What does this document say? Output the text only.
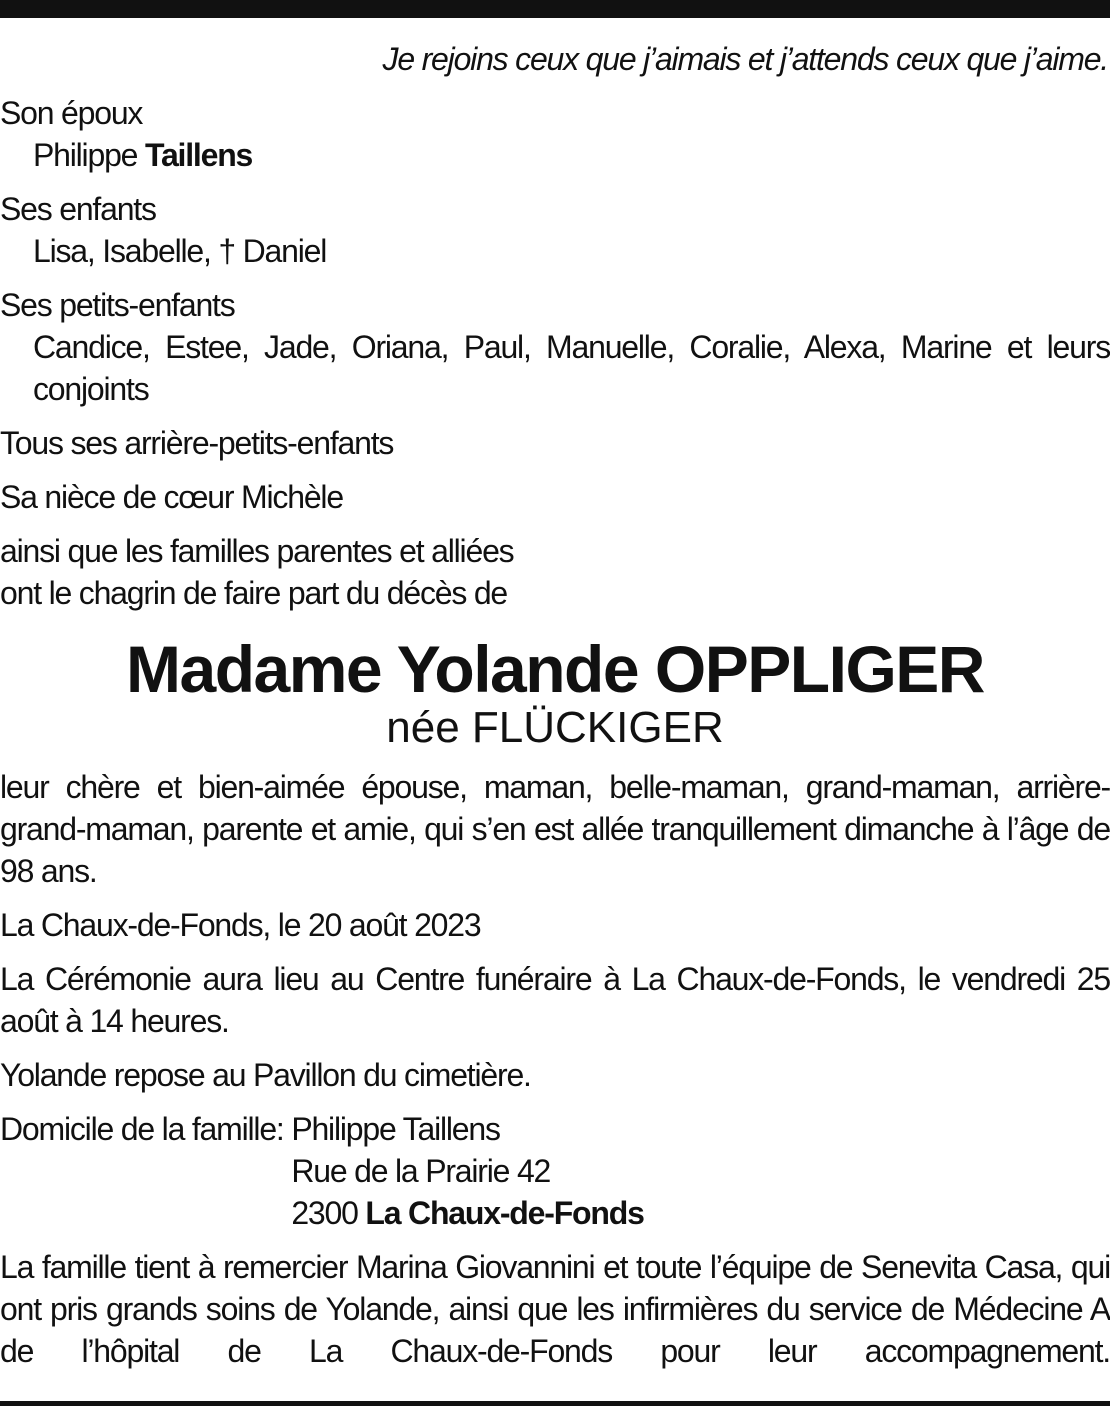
Je rejoins ceux que j’aimais et j’attends ceux que j’aime.

Son époux

Philippe Taillens

Ses enfants

Lisa, Isabelle, † Daniel

Ses petits-enfants

Candice, Estee, Jade, Oriana, Paul, Manuelle, Coralie, Alexa, Marine et leurs conjoints

Tous ses arrière-petits-enfants

Sa nièce de cœur Michèle

ainsi que les familles parentes et alliées

ont le chagrin de faire part du décès de

Madame Yolande OPPLIGER
née FLÜCKIGER

leur chère et bien-aimée épouse, maman, belle-maman, grand-maman, arrière-grand-maman, parente et amie, qui s’en est allée tranquillement dimanche à l’âge de 98 ans.

La Chaux-de-Fonds, le 20 août 2023

La Cérémonie aura lieu au Centre funéraire à La Chaux-de-Fonds, le vendredi 25 août à 14 heures.

Yolande repose au Pavillon du cimetière.

Domicile de la famille: Philippe Taillens
Rue de la Prairie 42
2300 La Chaux-de-Fonds

La famille tient à remercier Marina Giovannini et toute l’équipe de Senevita Casa, qui ont pris grands soins de Yolande, ainsi que les infirmières du service de Médecine A de l’hôpital de La Chaux-de-Fonds pour leur accompagnement.
